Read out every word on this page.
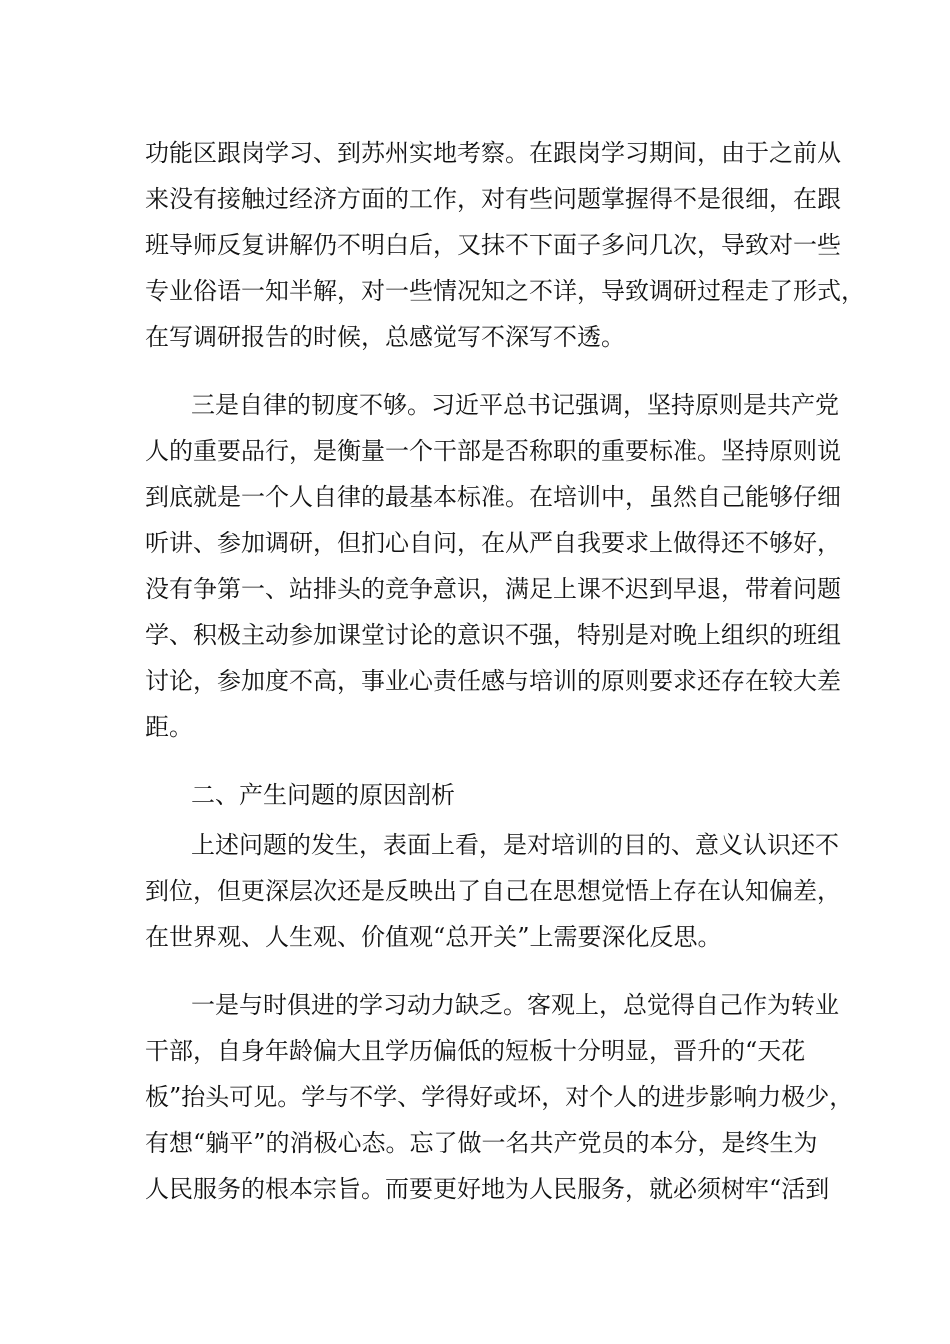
功能区跟岗学习、到苏州实地考察。在跟岗学习期间，由于之前从
来没有接触过经济方面的工作，对有些问题掌握得不是很细，在跟
班导师反复讲解仍不明白后，又抹不下面子多问几次，导致对一些
专业俗语一知半解，对一些情况知之不详，导致调研过程走了形式，
在写调研报告的时候，总感觉写不深写不透。
三是自律的韧度不够。习近平总书记强调，坚持原则是共产党
人的重要品行，是衡量一个干部是否称职的重要标准。坚持原则说
到底就是一个人自律的最基本标准。在培训中，虽然自己能够仔细
听讲、参加调研，但扪心自问，在从严自我要求上做得还不够好，
没有争第一、站排头的竞争意识，满足上课不迟到早退，带着问题
学、积极主动参加课堂讨论的意识不强，特别是对晚上组织的班组
讨论，参加度不高，事业心责任感与培训的原则要求还存在较大差
距。
二、产生问题的原因剖析
上述问题的发生，表面上看，是对培训的目的、意义认识还不
到位，但更深层次还是反映出了自己在思想觉悟上存在认知偏差，
在世界观、人生观、价值观“总开关”上需要深化反思。
一是与时俱进的学习动力缺乏。客观上，总觉得自己作为转业
干部，自身年龄偏大且学历偏低的短板十分明显，晋升的“天花
板”抬头可见。学与不学、学得好或坏，对个人的进步影响力极少，
有想“躺平”的消极心态。忘了做一名共产党员的本分，是终生为
人民服务的根本宗旨。而要更好地为人民服务，就必须树牢“活到
